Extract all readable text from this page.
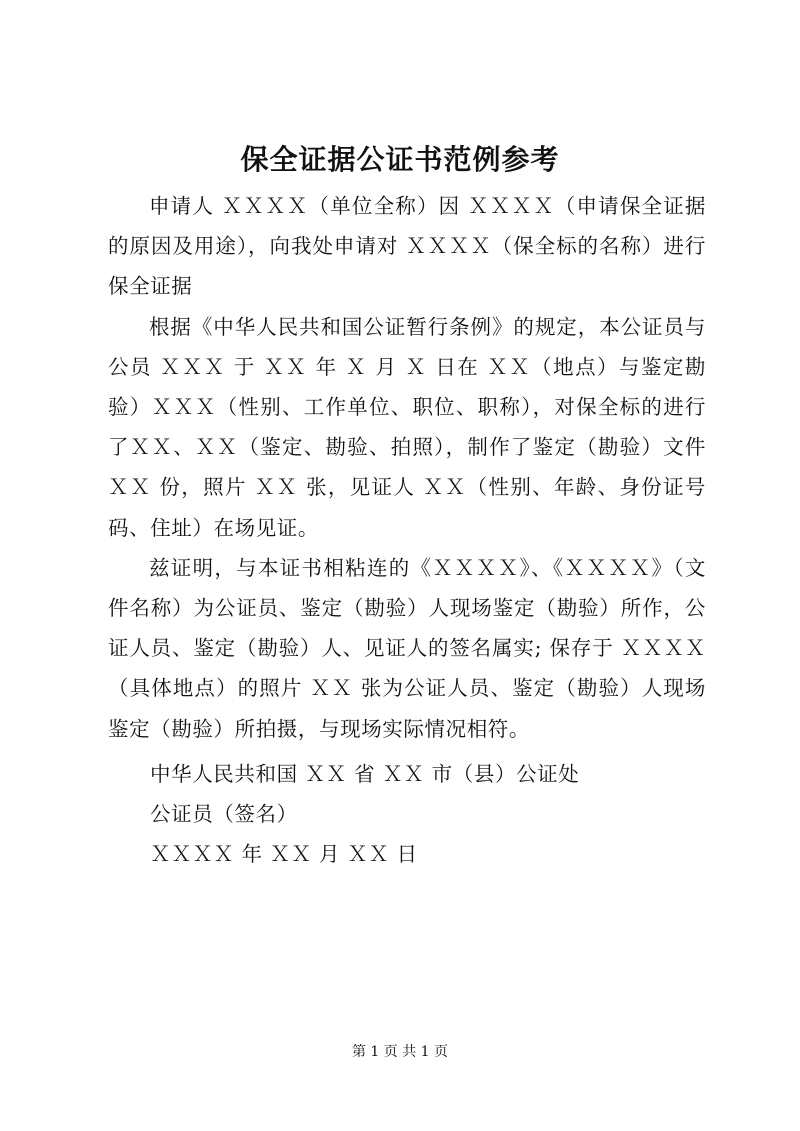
保全证据公证书范例参考

申请人 ＸＸＸＸ（单位全称）因 ＸＸＸＸ（申请保全证据的原因及用途），向我处申请对 ＸＸＸＸ（保全标的名称）进行保全证据

根据《中华人民共和国公证暂行条例》的规定，本公证员与公员 ＸＸＸ 于 ＸＸ 年 Ｘ 月 Ｘ 日在 ＸＸ（地点）与鉴定勘验）ＸＸＸ（性别、工作单位、职位、职称），对保全标的进行了ＸＸ、ＸＸ（鉴定、勘验、拍照），制作了鉴定（勘验）文件 ＸＸ 份，照片 ＸＸ 张，见证人 ＸＸ（性别、年龄、身份证号码、住址）在场见证。

兹证明，与本证书相粘连的《ＸＸＸＸ》、《ＸＸＸＸ》（文件名称）为公证员、鉴定（勘验）人现场鉴定（勘验）所作，公证人员、鉴定（勘验）人、见证人的签名属实; 保存于 ＸＸＸＸ（具体地点）的照片 ＸＸ 张为公证人员、鉴定（勘验）人现场鉴定（勘验）所拍摄，与现场实际情况相符。

中华人民共和国 ＸＸ 省 ＸＸ 市（县）公证处
公证员（签名）
ＸＸＸＸ 年 ＸＸ 月 ＸＸ 日
第 1 页 共 1 页
